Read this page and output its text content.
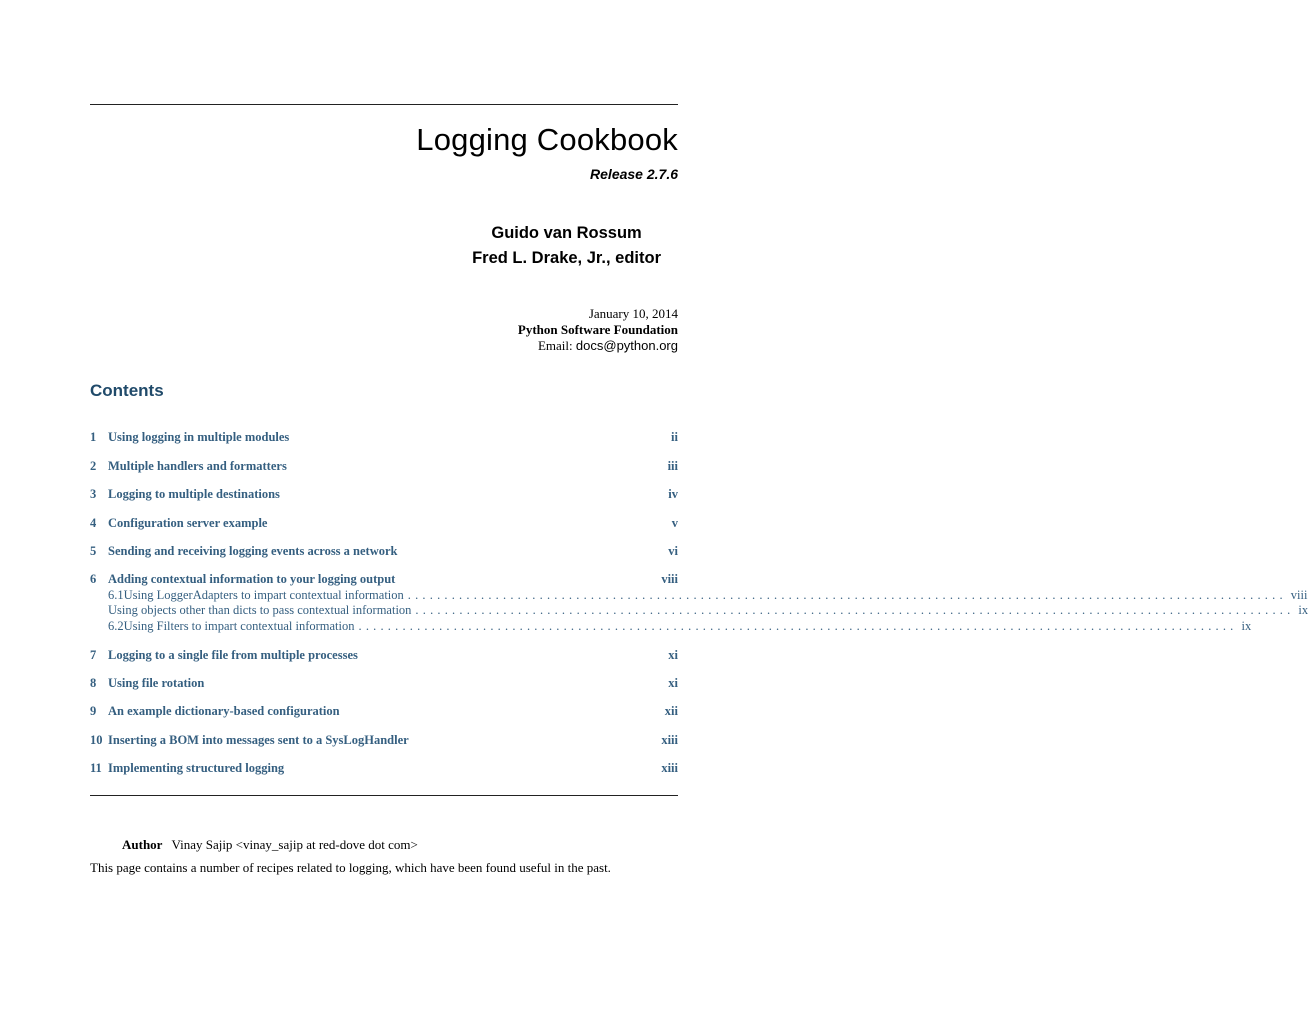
Logging Cookbook
Release 2.7.6
Guido van Rossum
Fred L. Drake, Jr., editor
January 10, 2014
Python Software Foundation
Email: docs@python.org
Contents
1 Using logging in multiple modules	ii
2 Multiple handlers and formatters	iii
3 Logging to multiple destinations	iv
4 Configuration server example	v
5 Sending and receiving logging events across a network	vi
6 Adding contextual information to your logging output	viii
6.1 Using LoggerAdapters to impart contextual information ........................................................................................................................ viii
Using objects other than dicts to pass contextual information ........................................................................................................................ ix
6.2 Using Filters to impart contextual information ........................................................................................................................ ix
7 Logging to a single file from multiple processes	xi
8 Using file rotation	xi
9 An example dictionary-based configuration	xii
10 Inserting a BOM into messages sent to a SysLogHandler	xiii
11 Implementing structured logging	xiii
Author Vinay Sajip <vinay_sajip at red-dove dot com>
This page contains a number of recipes related to logging, which have been found useful in the past.
